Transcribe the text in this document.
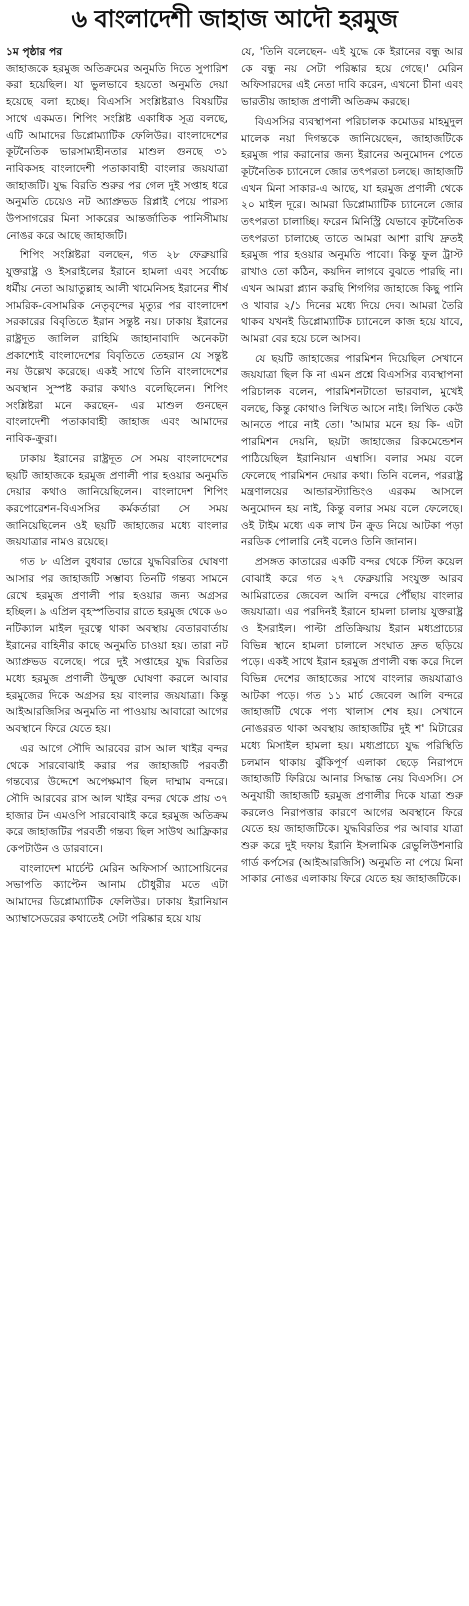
৬ বাংলাদেশী জাহাজ আদৌ হরমুজ
১ম পৃষ্ঠার পর

জাহাজকে হরমুজ অতিক্রমের অনুমতি দিতে সুপারিশ করা হয়েছিল। যা ভুলভাবে হয়তো অনুমতি দেয়া হয়েছে বলা হচ্ছে। বিএসসি সংশ্লিষ্টরাও বিষয়টির সাথে একমত। শিপিং সংশ্লিষ্ট একাধিক সূত্র বলছে, এটি আমাদের ডিপ্লোম্যাটিক ফেলিউর। বাংলাদেশের কূটনৈতিক ভারসাম্যহীনতার মাশুল গুনছে ৩১ নাবিকসহ বাংলাদেশী পতাকাবাহী বাংলার জয়যাত্রা জাহাজটি। যুদ্ধ বিরতি শুরুর পর গেল দুই সপ্তাহ ধরে অনুমতি চেয়েও নট অ্যাপ্রুভড রিপ্লাই পেয়ে পারস্য উপসাগরের মিনা সাকরের আন্তর্জাতিক পানিসীমায় নোঙর করে আছে জাহাজটি।

শিপিং সংশ্লিষ্টরা বলছেন, গত ২৮ ফেব্রুয়ারি যুক্তরাষ্ট্র ও ইসরাইলের ইরানে হামলা এবং সর্বোচ্চ ধর্মীয় নেতা আয়াতুল্লাহ আলী খামেনিসহ ইরানের শীর্ষ সামরিক-বেসামরিক নেতৃবৃন্দের মৃত্যুর পর বাংলাদেশ সরকারের বিবৃতিতে ইরান সন্তুষ্ট নয়। ঢাকায় ইরানের রাষ্ট্রদূত জালিল রাহিমি জাহানাবাদি অনেকটা প্রকাশ্যেই বাংলাদেশের বিবৃতিতে তেহরান যে সন্তুষ্ট নয় উল্লেখ করেছে। একই সাথে তিনি বাংলাদেশের অবস্থান সুস্পষ্ট করার কথাও বলেছিলেন। শিপিং সংশ্লিষ্টরা মনে করছেন- এর মাশুল গুনছেন বাংলাদেশী পতাকাবাহী জাহাজ এবং আমাদের নাবিক-ক্রুরা।

ঢাকায় ইরানের রাষ্ট্রদূত সে সময় বাংলাদেশের ছয়টি জাহাজকে হরমুজ প্রণালী পার হওয়ার অনুমতি দেয়ার কথাও জানিয়েছিলেন। বাংলাদেশ শিপিং করপোরেশন-বিএসসির কর্মকর্তারা সে সময় জানিয়েছিলেন ওই ছয়টি জাহাজের মধ্যে বাংলার জয়যাত্রার নামও রয়েছে।

গত ৮ এপ্রিল বুধবার ভোরে যুদ্ধবিরতির ঘোষণা আসার পর জাহাজটি সম্ভাব্য তিনটি গন্তব্য সামনে রেখে হরমুজ প্রণালী পার হওয়ার জন্য অগ্রসর হচ্ছিল। ৯ এপ্রিল বৃহস্পতিবার রাতে হরমুজ থেকে ৬০ নটিক্যাল মাইল দূরত্বে থাকা অবস্থায় বেতারবার্তায় ইরানের বাহিনীর কাছে অনুমতি চাওয়া হয়। তারা নট অ্যাপ্রুভড বলেছে। পরে দুই সপ্তাহের যুদ্ধ বিরতির মধ্যে হরমুজ প্রণালী উন্মুক্ত ঘোষণা করলে আবার হরমুজের দিকে অগ্রসর হয় বাংলার জয়যাত্রা। কিন্তু আইআরজিসির অনুমতি না পাওয়ায় আবারো আগের অবস্থানে ফিরে যেতে হয়।

এর আগে সৌদি আরবের রাস আল খাইর বন্দর থেকে সারবোঝাই করার পর জাহাজটি পরবর্তী গন্তব্যের উদ্দেশে অপেক্ষমাণ ছিল দাম্মাম বন্দরে। সৌদি আরবের রাস আল খাইর বন্দর থেকে প্রায় ৩৭ হাজার টন এমওপি সারবোঝাই করে হরমুজ অতিক্রম করে জাহাজটির পরবর্তী গন্তব্য ছিল সাউথ আফ্রিকার কেপটাউন ও ডারবানে।

বাংলাদেশ মার্চেন্ট মেরিন অফিসার্স অ্যাসোয়িনের সভাপতি ক্যাপ্টেন আনাম চৌধুরীর মতে এটা আমাদের ডিপ্লোম্যাটিক ফেলিউর। ঢাকায় ইরানিয়ান অ্যাম্বাসেডরের কথাতেই সেটা পরিষ্কার হয়ে যায়

যে, 'তিনি বলেছেন- এই যুদ্ধে কে ইরানের বন্ধু আর কে বন্ধু নয় সেটা পরিষ্কার হয়ে গেছে।' মেরিন অফিসারদের এই নেতা দাবি করেন, এখনো চীনা এবং ভারতীয় জাহাজ প্রণালী অতিক্রম করছে।

বিএসসির ব্যবস্থাপনা পরিচালক কমোডর মাহমুদুল মালেক নয়া দিগন্তকে জানিয়েছেন, জাহাজটিকে হরমুজ পার করানোর জন্য ইরানের অনুমোদন পেতে কূটনৈতিক চ্যানেলে জোর তৎপরতা চলছে। জাহাজটি এখন মিনা সাকার-এ আছে, যা হরমুজ প্রণালী থেকে ২০ মাইল দূরে। আমরা ডিপ্লোম্যাটিক চ্যানেলে জোর তৎপরতা চালাচ্ছি। ফরেন মিনিস্ট্রি যেভাবে কূটনৈতিক তৎপরতা চালাচ্ছে তাতে আমরা আশা রাখি দ্রুতই হরমুজ পার হওয়ার অনুমতি পাবো। কিন্তু ফুল ট্রাস্ট রাখাও তো কঠিন, কয়দিন লাগবে বুঝতে পারছি না। এখন আমরা প্ল্যান করছি শিগগির জাহাজে কিছু পানি ও খাবার ২/১ দিনের মধ্যে দিয়ে দেব। আমরা তৈরি থাকব যখনই ডিপ্লোম্যাটিক চ্যানেলে কাজ হয়ে যাবে, আমরা বের হয়ে চলে আসব।

যে ছয়টি জাহাজের পারমিশন দিয়েছিল সেখানে জয়যাত্রা ছিল কি না এমন প্রশ্নে বিএসসির ব্যবস্থাপনা পরিচালক বলেন, পারমিশনটাতো ভারবাল, মুখেই বলছে, কিন্তু কোথাও লিখিত আসে নাই। লিখিত কেউ আনতে পারে নাই তো। 'আমার মনে হয় কি- এটা পারমিশন দেয়নি, ছয়টা জাহাজের রিকমেন্ডেশন পাঠিয়েছিল ইরানিয়ান এম্বাসি। বলার সময় বলে ফেলেছে পারমিশন দেয়ার কথা। তিনি বলেন, পররাষ্ট্র মন্ত্রণালয়ের আন্ডারস্ট্যান্ডিংও এরকম আসলে অনুমোদন হয় নাই, কিন্তু বলার সময় বলে ফেলেছে। ওই টাইম মধ্যে এক লাখ টন ক্রুড নিয়ে আটকা পড়া নরডিক পোলারি নেই বলেও তিনি জানান।

প্রসঙ্গত কাতারের একটি বন্দর থেকে স্টিল কয়েল বোঝাই করে গত ২৭ ফেব্রুয়ারি সংযুক্ত আরব আমিরাতের জেবেল আলি বন্দরে পৌঁছায় বাংলার জয়যাত্রা। এর পরদিনই ইরানে হামলা চালায় যুক্তরাষ্ট্র ও ইসরাইল। পাল্টা প্রতিক্রিয়ায় ইরান মধ্যপ্রাচ্যের বিভিন্ন স্থানে হামলা চালালে সংঘাত দ্রুত ছড়িয়ে পড়ে। একই সাথে ইরান হরমুজ প্রণালী বন্ধ করে দিলে বিভিন্ন দেশের জাহাজের সাথে বাংলার জয়যাত্রাও আটকা পড়ে। গত ১১ মার্চ জেবেল আলি বন্দরে জাহাজটি থেকে পণ্য খালাস শেষ হয়। সেখানে নোঙররত থাকা অবস্থায় জাহাজটির দুই শ' মিটারের মধ্যে মিসাইল হামলা হয়। মধ্যপ্রাচ্যে যুদ্ধ পরিস্থিতি চলমান থাকায় ঝুঁকিপূর্ণ এলাকা ছেড়ে নিরাপদে জাহাজটি ফিরিয়ে আনার সিদ্ধান্ত নেয় বিএসসি। সে অনুযায়ী জাহাজটি হরমুজ প্রণালীর দিকে যাত্রা শুরু করলেও নিরাপত্তার কারণে আগের অবস্থানে ফিরে যেতে হয় জাহাজটিকে। যুদ্ধবিরতির পর আবার যাত্রা শুরু করে দুই দফায় ইরানি ইসলামিক রেভুলিউশনারি গার্ড কর্পসের (আইআরজিসি) অনুমতি না পেয়ে মিনা সাকার নোঙর এলাকায় ফিরে যেতে হয় জাহাজটিকে।
